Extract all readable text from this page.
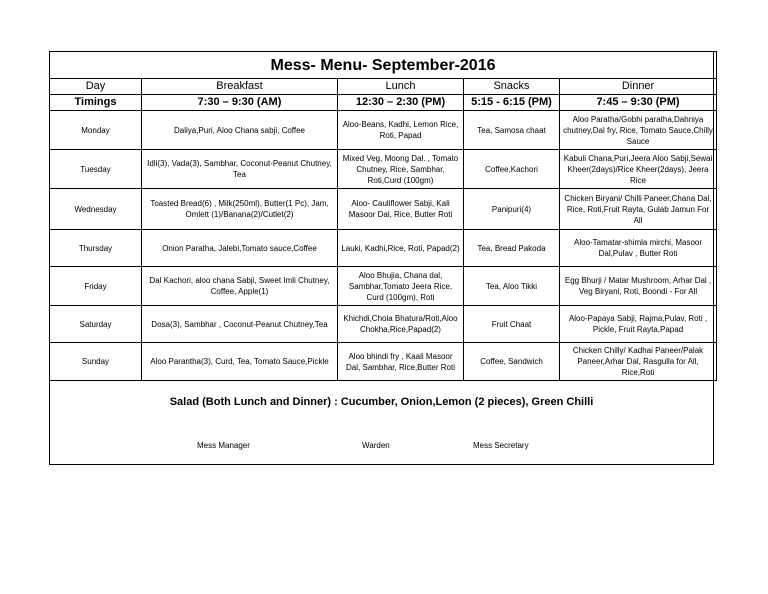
Mess- Menu- September-2016				
Day	Breakfast	Lunch	Snacks	Dinner
Timings	7:30 – 9:30 (AM)	12:30 – 2:30 (PM)	5:15 - 6:15 (PM)	7:45 – 9:30 (PM)
Monday	Daliya,Puri, Aloo Chana sabji, Coffee	Aloo-Beans, Kadhi, Lemon Rice, Roti, Papad	Tea, Samosa chaat	Aloo Paratha/Gobhi paratha,Dahniya chutney,Dal fry, Rice, Tomato Sauce,Chilly Sauce
Tuesday	Idli(3), Vada(3), Sambhar, Coconut-Peanut Chutney, Tea	Mixed Veg, Moong Dal. , Tomato Chutney, Rice, Sambhar, Roti,Curd (100gm)	Coffee,Kachori	Kabuli Chana,Puri,Jeera Aloo Sabji,Sewai Kheer(2days)/Rice Kheer(2days), Jeera Rice
Wednesday	Toasted Bread(6) , Milk(250ml), Butter(1 Pc), Jam, Omlett (1)/Banana(2)/Cutlet(2)	Aloo- Cauliflower Sabji, Kali Masoor Dal, Rice, Butter Roti	Panipuri(4)	Chicken Biryani/ Chilli Paneer,Chana Dal, Rice, Roti,Fruit Rayta, Gulab Jamun For All
Thursday	Onion Paratha, Jalebi,Tomato sauce,Coffee	Lauki, Kadhi,Rice, Roti, Papad(2)	Tea, Bread Pakoda	Aloo-Tamatar-shimla mirchi, Masoor Dal,Pulav , Butter Roti
Friday	Dal Kachori, aloo chana Sabji, Sweet Imli Chutney, Coffee, Apple(1)	Aloo Bhujia, Chana dal, Sambhar,Tomato Jeera Rice, Curd (100gm), Roti	Tea, Aloo Tikki	Egg Bhurji / Matar Mushroom, Arhar Dal , Veg Biryani, Roti, Boondi - For All
Saturday	Dosa(3), Sambhar , Coconut-Peanut Chutney,Tea	Khichdi,Chola Bhatura/Roti,Aloo Chokha,Rice,Papad(2)	Fruit Chaat	Aloo-Papaya Sabji, Rajma,Pulav, Roti , Pickle, Fruit Rayta,Papad
Sunday	Aloo Parantha(3), Curd, Tea, Tomato Sauce,Pickle	Aloo bhindi fry , Kaali Masoor Dal, Sambhar, Rice,Butter Roti	Coffee, Sandwich	Chicken Chilly/ Kadhai Paneer/Palak Paneer,Arhar Dal, Rasgulla for All, Rice,Roti
Salad (Both Lunch and Dinner) : Cucumber, Onion,Lemon (2 pieces), Green Chilli
Mess Manager	Warden	Mess Secretary
